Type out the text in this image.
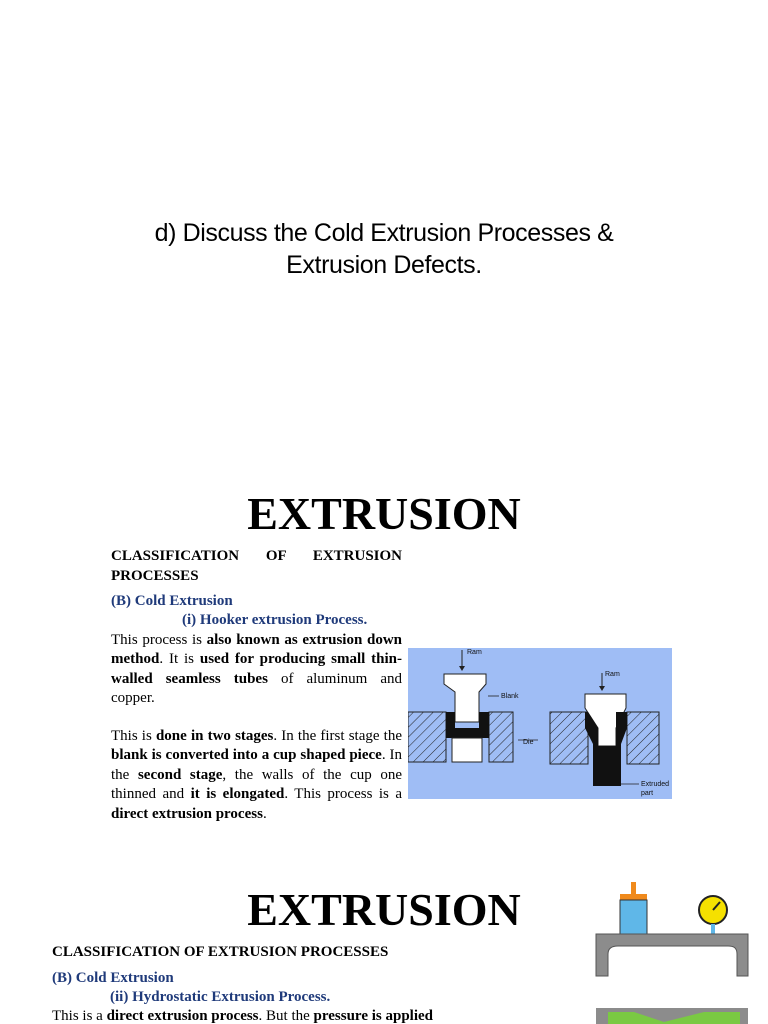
d) Discuss the Cold Extrusion Processes &
Extrusion Defects.
EXTRUSION
CLASSIFICATION OF EXTRUSION PROCESSES
(B) Cold Extrusion
(i) Hooker extrusion Process.
This process is also known as extrusion down method. It is used for producing small thin-walled seamless tubes of aluminum and copper.
This is done in two stages. In the first stage the blank is converted into a cup shaped piece. In the second stage, the walls of the cup one thinned and it is elongated. This process is a direct extrusion process.
Ram
Blank
Die
Ram
Extruded
part
EXTRUSION
CLASSIFICATION OF EXTRUSION PROCESSES
(B) Cold Extrusion
(ii) Hydrostatic Extrusion Process.
This is a direct extrusion process. But the pressure is applied
